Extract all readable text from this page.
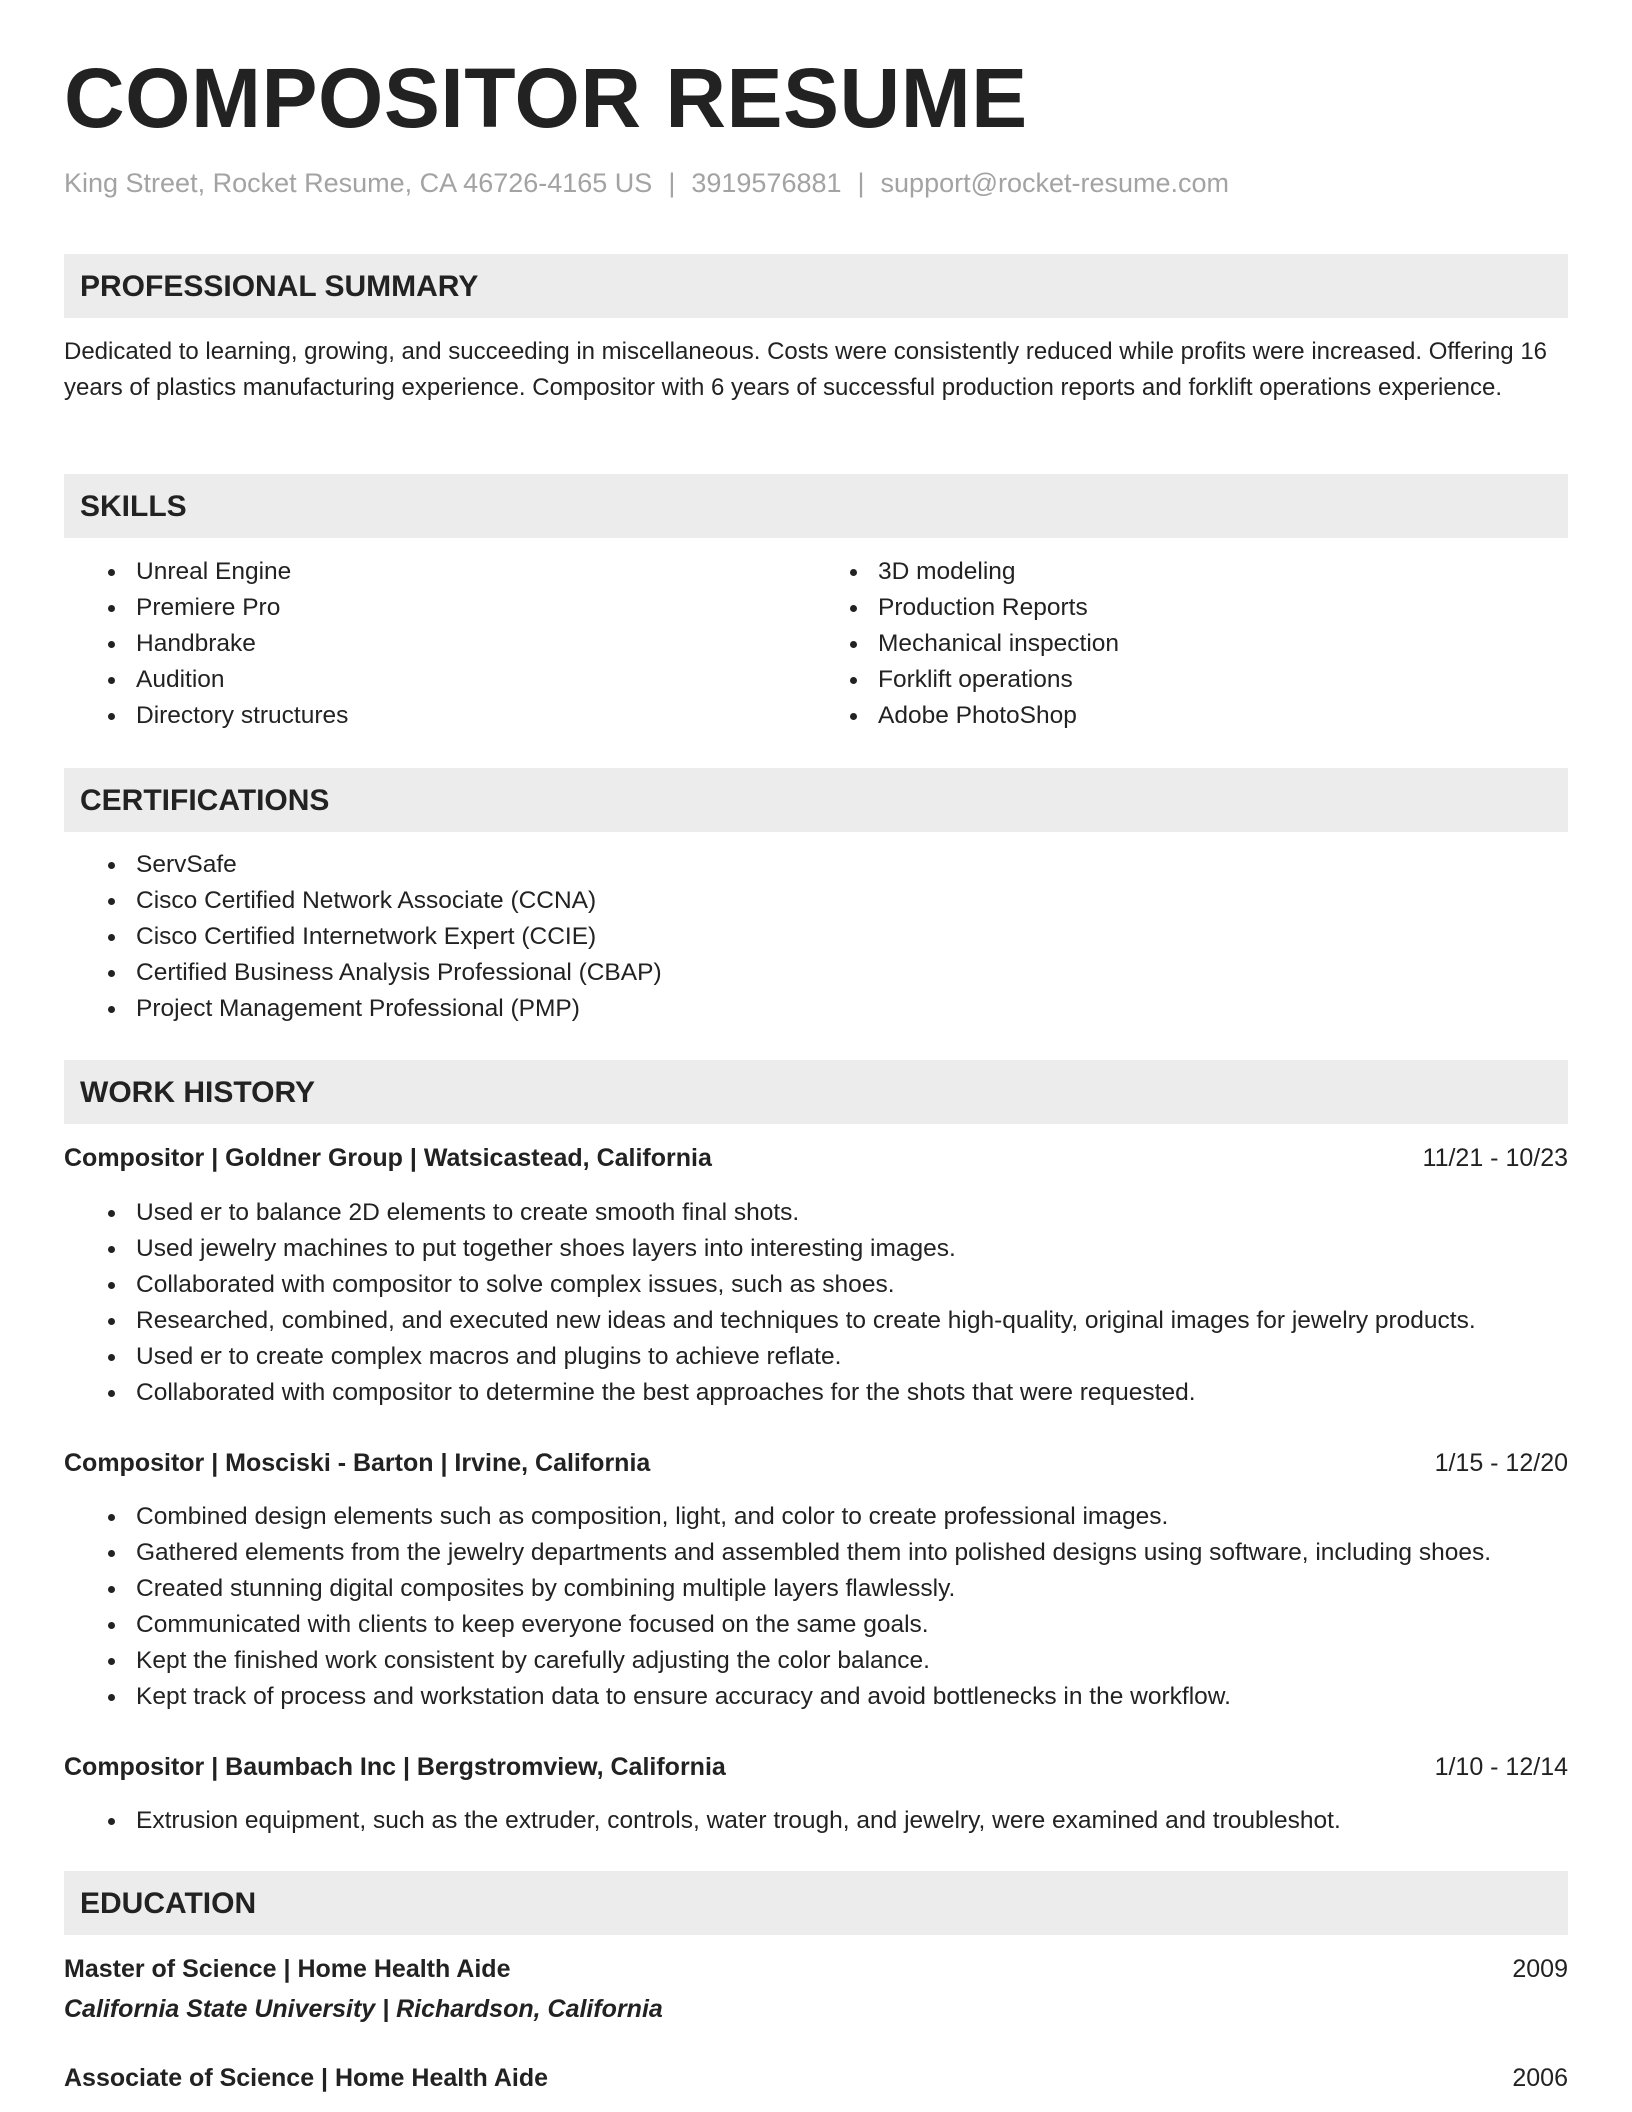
COMPOSITOR RESUME
King Street, Rocket Resume, CA 46726-4165 US | 3919576881 | support@rocket-resume.com
PROFESSIONAL SUMMARY

Dedicated to learning, growing, and succeeding in miscellaneous. Costs were consistently reduced while profits were increased. Offering 16 years of plastics manufacturing experience. Compositor with 6 years of successful production reports and forklift operations experience.

SKILLS
Unreal Engine
Premiere Pro
Handbrake
Audition
Directory structures
3D modeling
Production Reports
Mechanical inspection
Forklift operations
Adobe PhotoShop
CERTIFICATIONS
ServSafe
Cisco Certified Network Associate (CCNA)
Cisco Certified Internetwork Expert (CCIE)
Certified Business Analysis Professional (CBAP)
Project Management Professional (PMP)
WORK HISTORY
Compositor | Goldner Group | Watsicastead, California	11/21 - 10/23
Used er to balance 2D elements to create smooth final shots.
Used jewelry machines to put together shoes layers into interesting images.
Collaborated with compositor to solve complex issues, such as shoes.
Researched, combined, and executed new ideas and techniques to create high-quality, original images for jewelry products.
Used er to create complex macros and plugins to achieve reflate.
Collaborated with compositor to determine the best approaches for the shots that were requested.
Compositor | Mosciski - Barton | Irvine, California	1/15 - 12/20
Combined design elements such as composition, light, and color to create professional images.
Gathered elements from the jewelry departments and assembled them into polished designs using software, including shoes.
Created stunning digital composites by combining multiple layers flawlessly.
Communicated with clients to keep everyone focused on the same goals.
Kept the finished work consistent by carefully adjusting the color balance.
Kept track of process and workstation data to ensure accuracy and avoid bottlenecks in the workflow.
Compositor | Baumbach Inc | Bergstromview, California	1/10 - 12/14
Extrusion equipment, such as the extruder, controls, water trough, and jewelry, were examined and troubleshot.
EDUCATION
Master of Science | Home Health Aide	2009
California State University | Richardson, California
Associate of Science | Home Health Aide	2006
